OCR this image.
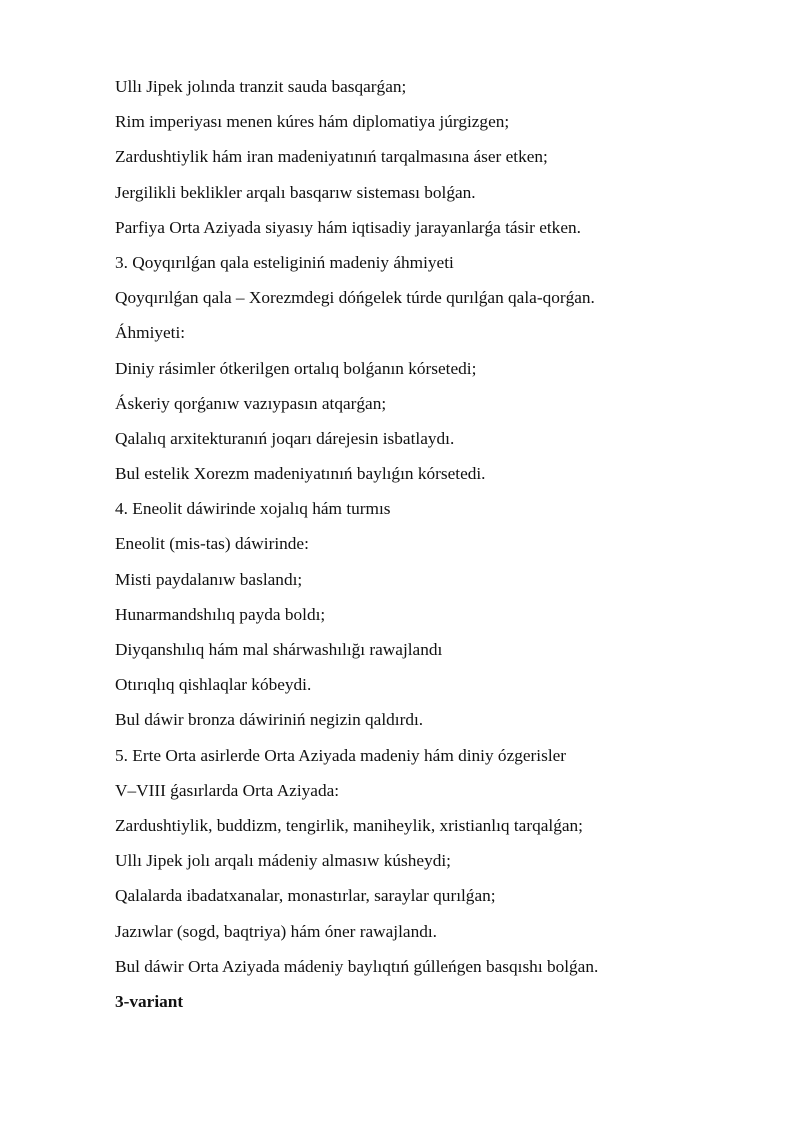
Ullı Jipek jolında tranzit sauda basqarǵan;

Rim imperiyası menen kúres hám diplomatiya júrgizgen;

Zardushtiylik hám iran madeniyatınıń tarqalmasına áser etken;

Jergilikli beklikler arqalı basqarıw sisteması bolǵan.

Parfiya Orta Aziyada siyasıy hám iqtisadiy jarayanlarǵa tásir etken.

3. Qoyqırılǵan qala esteliginiń madeniy áhmiyeti

Qoyqırılǵan qala – Xorezmdegi dóńgelek túrde qurılǵan qala-qorǵan.

Áhmiyeti:

Diniy rásimler ótkerilgen ortalıq bolǵanın kórsetedi;

Áskeriy qorǵanıw vazıypasın atqarǵan;

Qalalıq arxitekturanıń joqarı dárejesin isbatlaydı.

Bul estelik Xorezm madeniyatınıń baylıǵın kórsetedi.

4. Eneolit dáwirinde xojalıq hám turmıs

Eneolit (mis-tas) dáwirinde:

Misti paydalanıw baslandı;

Hunarmandshılıq payda boldı;

Diyqanshılıq hám mal shárwashılığı rawajlandı

Otırıqlıq qishlaqlar kóbeydi.

Bul dáwir bronza dáwiriniń negizin qaldırdı.

5. Erte Orta asirlerde Orta Aziyada madeniy hám diniy ózgerisler

V–VIII ǵasırlarda Orta Aziyada:

Zardushtiylik, buddizm, tengirlik, maniheylik, xristianlıq tarqalǵan;

Ullı Jipek jolı arqalı mádeniy almasıw kúsheydi;

Qalalarda ibadatxanalar, monastırlar, saraylar qurılǵan;

Jazıwlar (sogd, baqtriya) hám óner rawajlandı.

Bul dáwir Orta Aziyada mádeniy baylıqtıń gúlleńgen basqıshı bolǵan.

3-variant
